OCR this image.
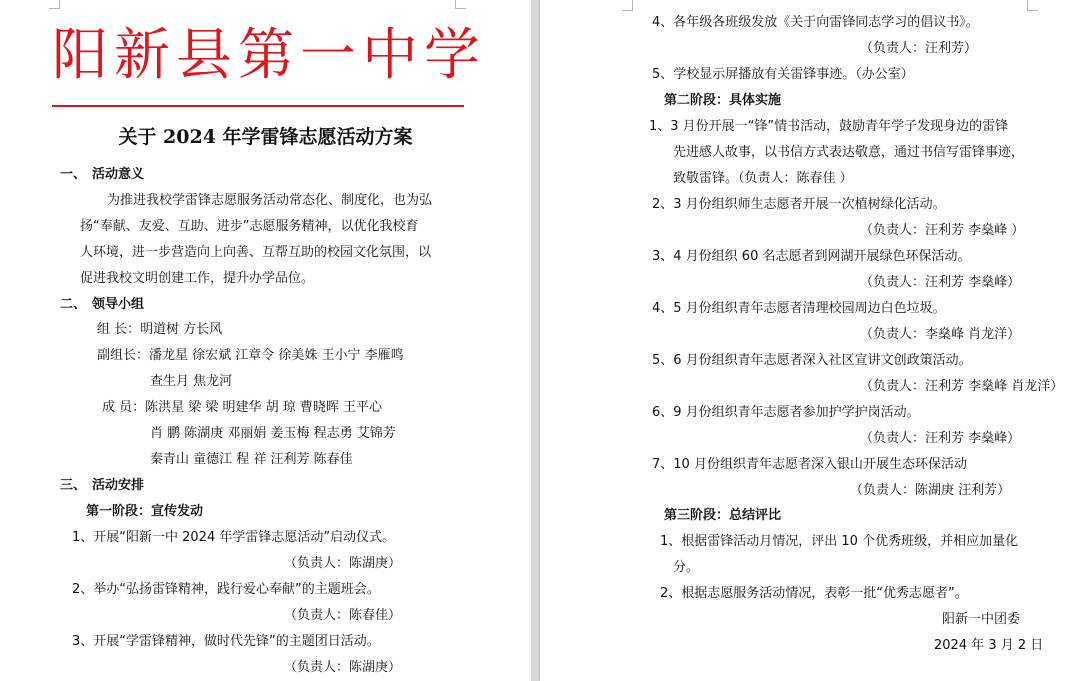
阳新县第一中学
关于 2024 年学雷锋志愿活动方案
一、 活动意义
为推进我校学雷锋志愿服务活动常态化、制度化，也为弘
扬“奉献、友爱、互助、进步”志愿服务精神，以优化我校育
人环境，进一步营造向上向善、互帮互助的校园文化氛围，以
促进我校文明创建工作，提升办学品位。
二、 领导小组
组 长：明道树 方长风
副组长：潘龙星 徐宏斌 江章令 徐美姝 王小宁 李雁鸣
查生月 焦龙河
成 员：陈洪星 梁 梁 明建华 胡 琼 曹晓晖 王平心
肖 鹏 陈湖庚 邓丽娟 姜玉梅 程志勇 艾锦芳
秦青山 童德江 程 祥 汪利芳 陈春佳
三、 活动安排
第一阶段：宣传发动
1、开展“阳新一中 2024 年学雷锋志愿活动”启动仪式。
（负责人：陈湖庚）
2、举办“弘扬雷锋精神，践行爱心奉献”的主题班会。
（负责人：陈春佳）
3、开展“学雷锋精神，做时代先锋”的主题团日活动。
（负责人：陈湖庚）
4、各年级各班级发放《关于向雷锋同志学习的倡议书》。
（负责人：汪利芳）
5、学校显示屏播放有关雷锋事迹。（办公室）
第二阶段：具体实施
1、3 月份开展一“锋”情书活动，鼓励青年学子发现身边的雷锋
先进感人故事，以书信方式表达敬意，通过书信写雷锋事迹，
致敬雷锋。（负责人：陈春佳 ）
2、3 月份组织师生志愿者开展一次植树绿化活动。
（负责人：汪利芳 李燊峰 ）
3、4 月份组织 60 名志愿者到网湖开展绿色环保活动。
（负责人：汪利芳 李燊峰）
4、5 月份组织青年志愿者清理校园周边白色垃圾。
（负责人：李燊峰 肖龙洋）
5、6 月份组织青年志愿者深入社区宣讲文创政策活动。
（负责人：汪利芳 李燊峰 肖龙洋）
6、9 月份组织青年志愿者参加护学护岗活动。
（负责人：汪利芳 李燊峰）
7、10 月份组织青年志愿者深入银山开展生态环保活动
（负责人：陈湖庚 汪利芳）
第三阶段：总结评比
1、根据雷锋活动月情况，评出 10 个优秀班级，并相应加量化
分。
2、根据志愿服务活动情况，表彰一批“优秀志愿者”。
阳新一中团委
2024 年 3 月 2 日
